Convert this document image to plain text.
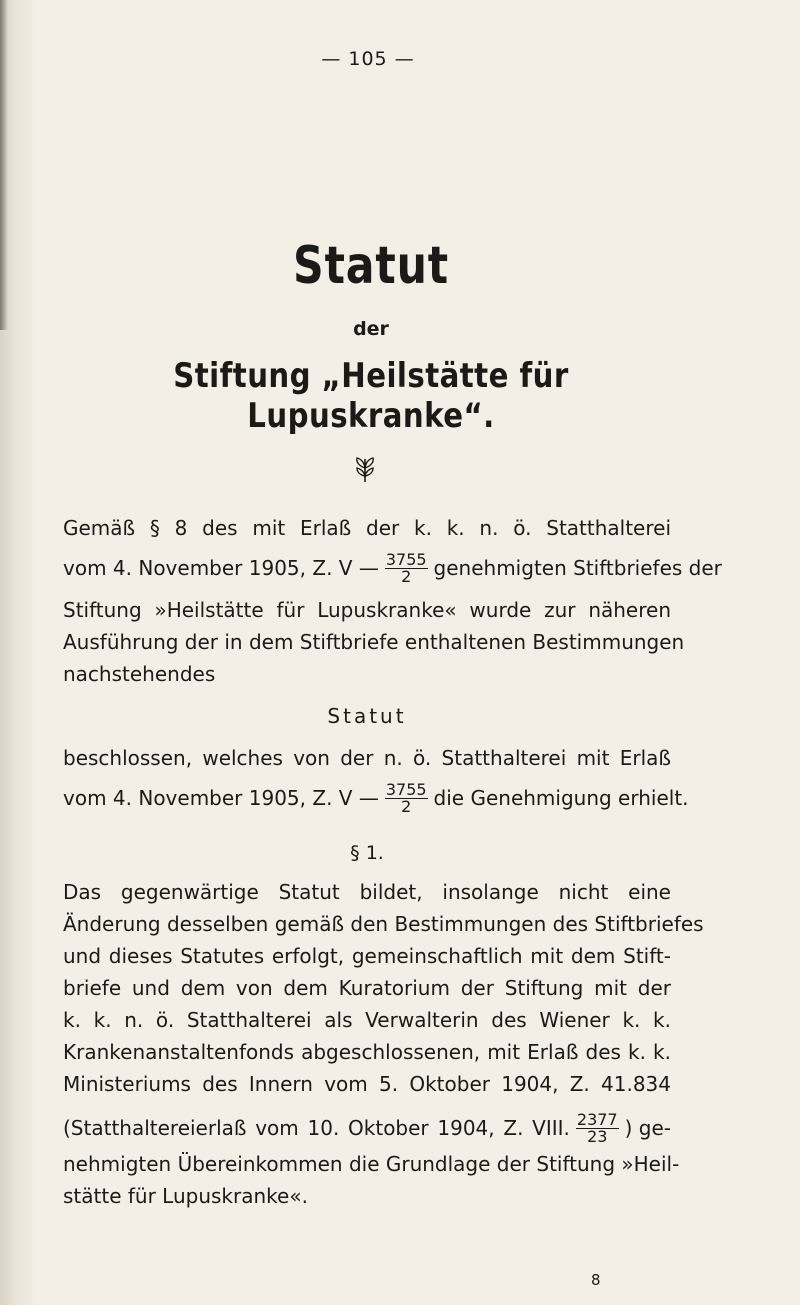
— 105 —
Statut
der
Stiftung „Heilstätte für Lupuskranke“.
Gemäß § 8 des mit Erlaß der k. k. n. ö. Statthalterei
vom 4. November 1905, Z. V — $\frac{3755}{2}$ genehmigten Stiftbriefes der
Stiftung »Heilstätte für Lupuskranke« wurde zur näheren
Ausführung der in dem Stiftbriefe enthaltenen Bestimmungen
nachstehendes
Statut
beschlossen, welches von der n. ö. Statthalterei mit Erlaß
vom 4. November 1905, Z. V — $\frac{3755}{2}$ die Genehmigung erhielt.
§ 1.
Das gegenwärtige Statut bildet, insolange nicht eine
Änderung desselben gemäß den Bestimmungen des Stiftbriefes
und dieses Statutes erfolgt, gemeinschaftlich mit dem Stift-
briefe und dem von dem Kuratorium der Stiftung mit der
k. k. n. ö. Statthalterei als Verwalterin des Wiener k. k.
Krankenanstaltenfonds abgeschlossenen, mit Erlaß des k. k.
Ministeriums des Innern vom 5. Oktober 1904, Z. 41.834
(Statthaltereierlaß vom 10. Oktober 1904, Z. VIII. $\frac{2377}{23}$ ) ge-
nehmigten Übereinkommen die Grundlage der Stiftung »Heil-
stätte für Lupuskranke«.
8
